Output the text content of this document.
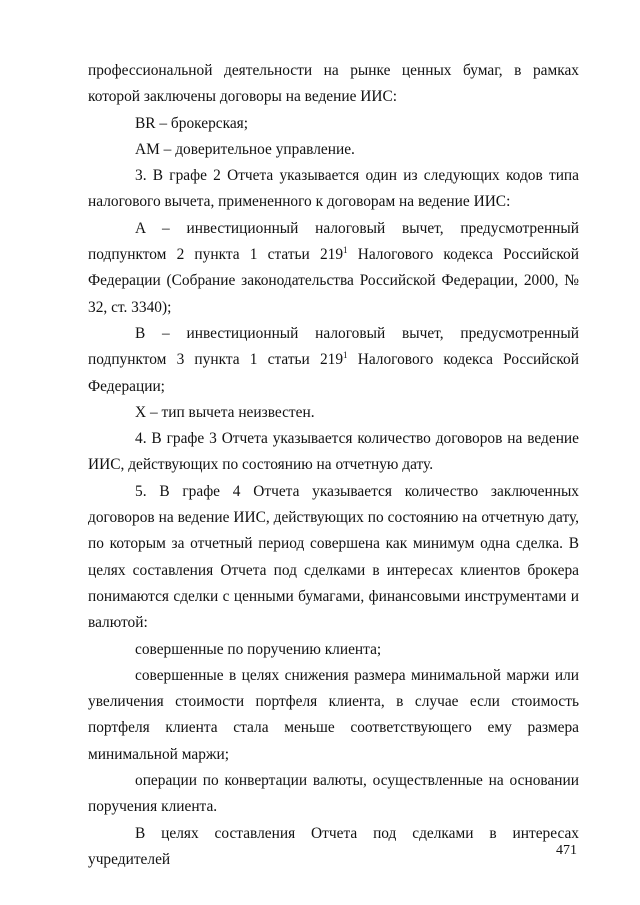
профессиональной деятельности на рынке ценных бумаг, в рамках которой заключены договоры на ведение ИИС:

BR – брокерская;

AM – доверительное управление.

3. В графе 2 Отчета указывается один из следующих кодов типа налогового вычета, примененного к договорам на ведение ИИС:

A – инвестиционный налоговый вычет, предусмотренный подпунктом 2 пункта 1 статьи $219^1$ Налогового кодекса Российской Федерации (Собрание законодательства Российской Федерации, 2000, № 32, ст. 3340);

B – инвестиционный налоговый вычет, предусмотренный подпунктом 3 пункта 1 статьи $219^1$ Налогового кодекса Российской Федерации;

X – тип вычета неизвестен.

4. В графе 3 Отчета указывается количество договоров на ведение ИИС, действующих по состоянию на отчетную дату.

5. В графе 4 Отчета указывается количество заключенных договоров на ведение ИИС, действующих по состоянию на отчетную дату, по которым за отчетный период совершена как минимум одна сделка. В целях составления Отчета под сделками в интересах клиентов брокера понимаются сделки с ценными бумагами, финансовыми инструментами и валютой:

совершенные по поручению клиента;

совершенные в целях снижения размера минимальной маржи или увеличения стоимости портфеля клиента, в случае если стоимость портфеля клиента стала меньше соответствующего ему размера минимальной маржи;

операции по конвертации валюты, осуществленные на основании поручения клиента.

В целях составления Отчета под сделками в интересах учредителей

471
